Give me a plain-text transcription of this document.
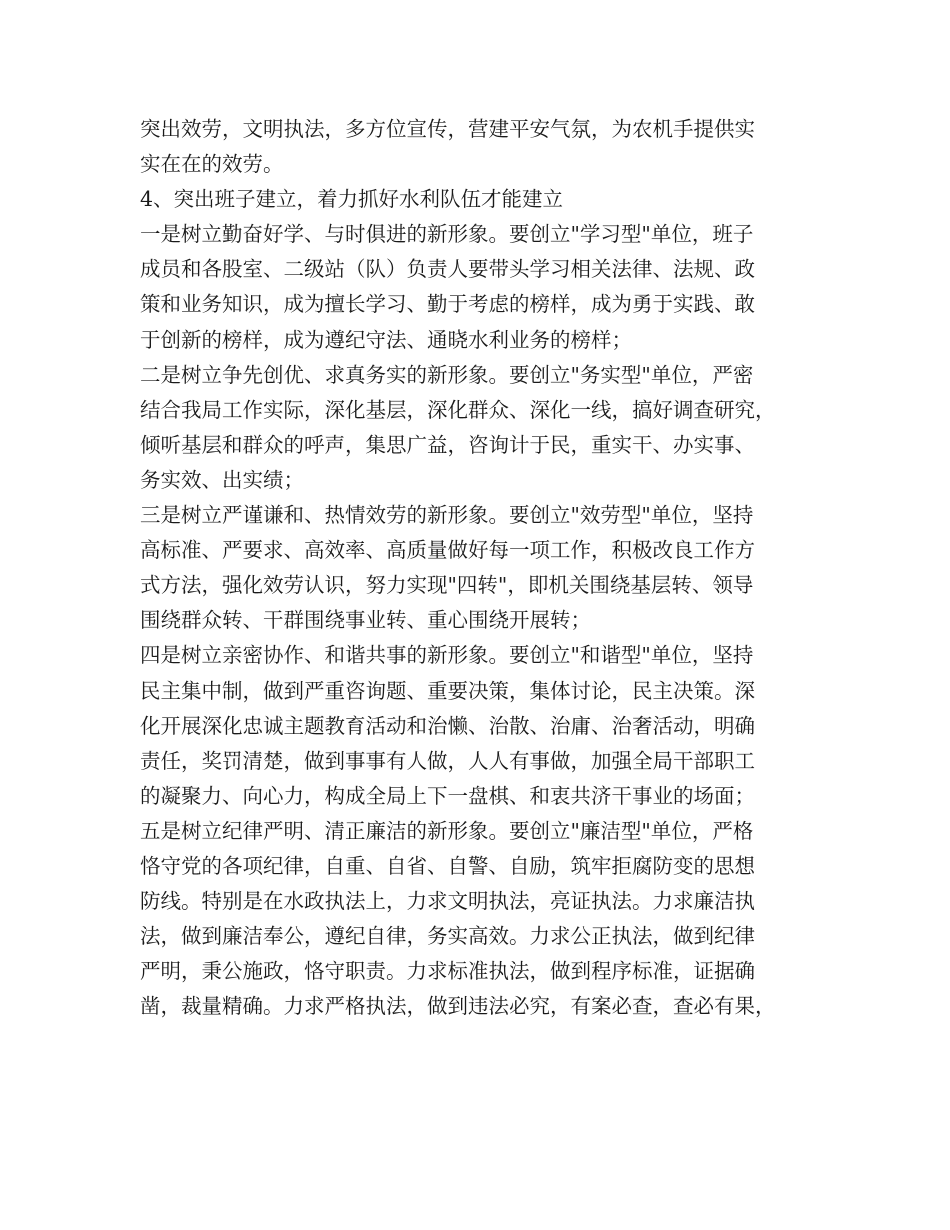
突出效劳，文明执法，多方位宣传，营建平安气氛，为农机手提供实
实在在的效劳。
4、突出班子建立，着力抓好水利队伍才能建立
一是树立勤奋好学、与时俱进的新形象。要创立"学习型"单位，班子
成员和各股室、二级站（队）负责人要带头学习相关法律、法规、政
策和业务知识，成为擅长学习、勤于考虑的榜样，成为勇于实践、敢
于创新的榜样，成为遵纪守法、通晓水利业务的榜样；
二是树立争先创优、求真务实的新形象。要创立"务实型"单位，严密
结合我局工作实际，深化基层，深化群众、深化一线，搞好调查研究，
倾听基层和群众的呼声，集思广益，咨询计于民，重实干、办实事、
务实效、出实绩；
三是树立严谨谦和、热情效劳的新形象。要创立"效劳型"单位，坚持
高标准、严要求、高效率、高质量做好每一项工作，积极改良工作方
式方法，强化效劳认识，努力实现"四转"，即机关围绕基层转、领导
围绕群众转、干群围绕事业转、重心围绕开展转；
四是树立亲密协作、和谐共事的新形象。要创立"和谐型"单位，坚持
民主集中制，做到严重咨询题、重要决策，集体讨论，民主决策。深
化开展深化忠诚主题教育活动和治懒、治散、治庸、治奢活动，明确
责任，奖罚清楚，做到事事有人做，人人有事做，加强全局干部职工
的凝聚力、向心力，构成全局上下一盘棋、和衷共济干事业的场面；
五是树立纪律严明、清正廉洁的新形象。要创立"廉洁型"单位，严格
恪守党的各项纪律，自重、自省、自警、自励，筑牢拒腐防变的思想
防线。特别是在水政执法上，力求文明执法，亮证执法。力求廉洁执
法，做到廉洁奉公，遵纪自律，务实高效。力求公正执法，做到纪律
严明，秉公施政，恪守职责。力求标准执法，做到程序标准，证据确
凿，裁量精确。力求严格执法，做到违法必究，有案必查，查必有果，
